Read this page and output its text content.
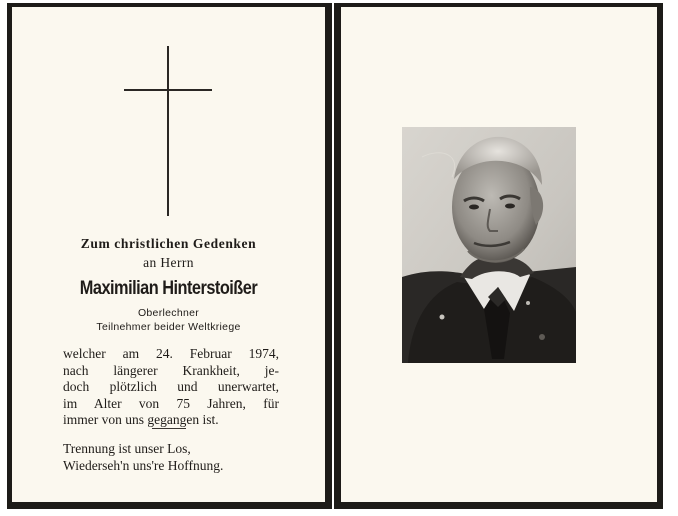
Zum christlichen Gedenken
an Herrn
Maximilian Hinterstoißer
Oberlechner
Teilnehmer beider Weltkriege
welcher am 24. Februar 1974,
nach längerer Krankheit, je-
doch plötzlich und unerwartet,
im Alter von 75 Jahren, für
immer von uns gegangen ist.
Trennung ist unser Los,
Wiederseh'n uns're Hoffnung.
